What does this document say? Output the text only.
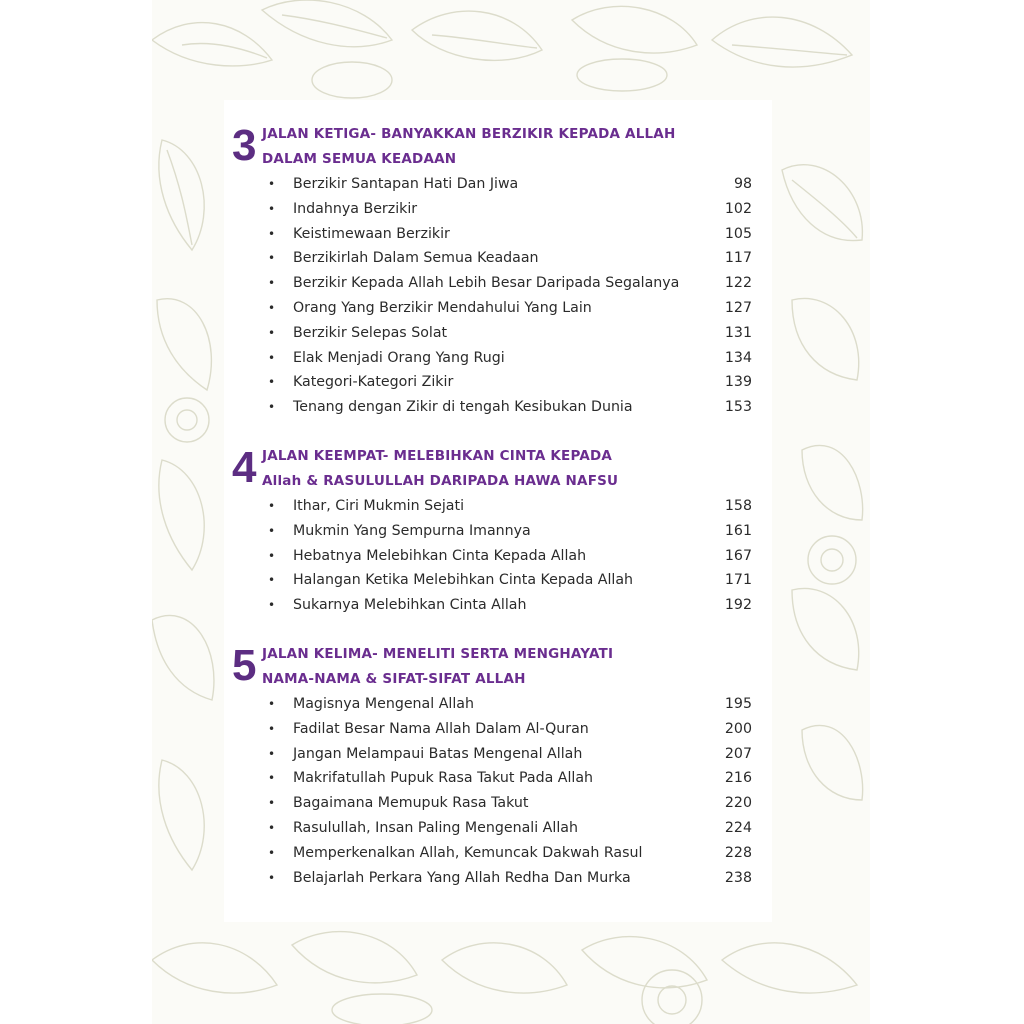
3 JALAN KETIGA- BANYAKKAN BERZIKIR KEPADA ALLAH
DALAM SEMUA KEADAAN
• Berzikir Santapan Hati Dan Jiwa	98
• Indahnya Berzikir	102
• Keistimewaan Berzikir	105
• Berzikirlah Dalam Semua Keadaan	117
• Berzikir Kepada Allah Lebih Besar Daripada Segalanya	122
• Orang Yang Berzikir Mendahului Yang Lain	127
• Berzikir Selepas Solat	131
• Elak Menjadi Orang Yang Rugi	134
• Kategori-Kategori Zikir	139
• Tenang dengan Zikir di tengah Kesibukan Dunia	153
4 JALAN KEEMPAT- MELEBIHKAN CINTA KEPADA
Allah & RASULULLAH DARIPADA HAWA NAFSU
• Ithar, Ciri Mukmin Sejati	158
• Mukmin Yang Sempurna Imannya	161
• Hebatnya Melebihkan Cinta Kepada Allah	167
• Halangan Ketika Melebihkan Cinta Kepada Allah	171
• Sukarnya Melebihkan Cinta Allah	192
5 JALAN KELIMA- MENELITI SERTA MENGHAYATI
NAMA-NAMA & SIFAT-SIFAT ALLAH
• Magisnya Mengenal Allah	195
• Fadilat Besar Nama Allah Dalam Al-Quran	200
• Jangan Melampaui Batas Mengenal Allah	207
• Makrifatullah Pupuk Rasa Takut Pada Allah	216
• Bagaimana Memupuk Rasa Takut	220
• Rasulullah, Insan Paling Mengenali Allah	224
• Memperkenalkan Allah, Kemuncak Dakwah Rasul	228
• Belajarlah Perkara Yang Allah Redha Dan Murka	238
